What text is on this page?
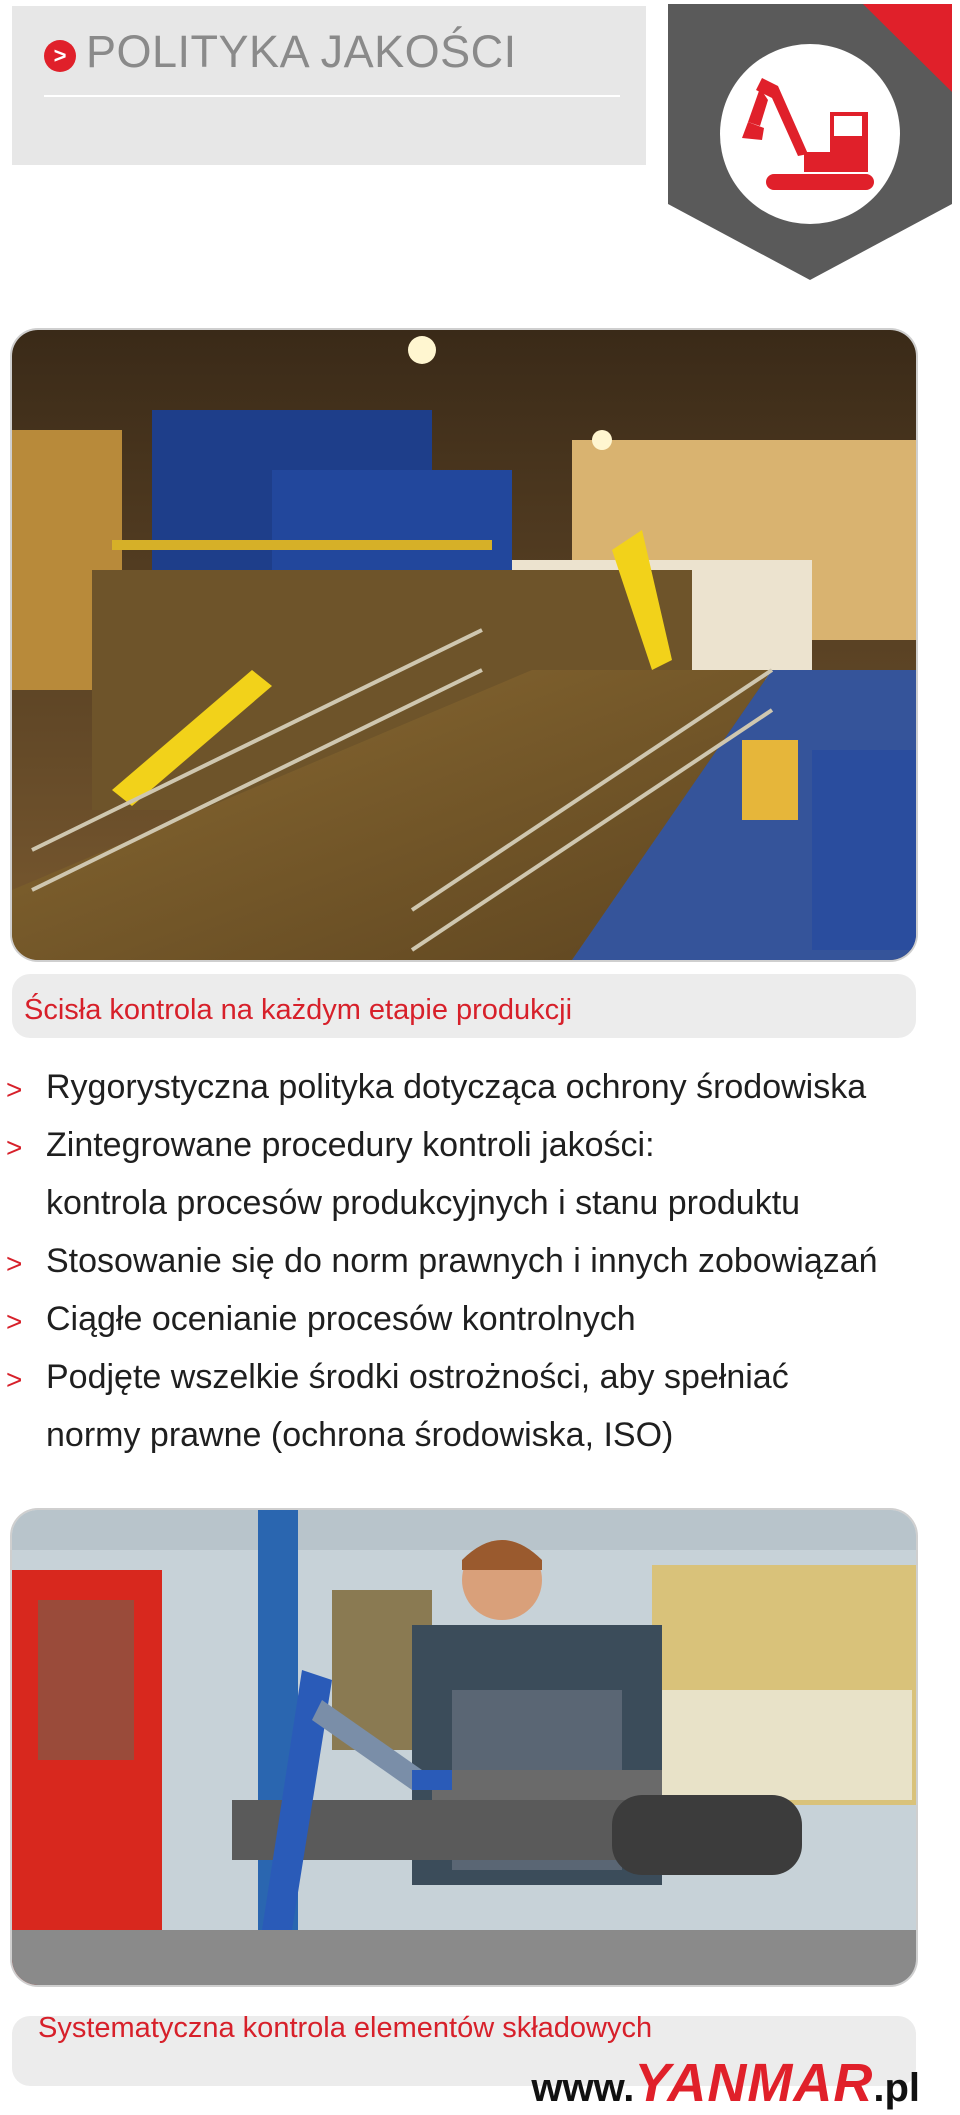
> POLITYKA JAKOŚCI
Ścisła kontrola na każdym etapie produkcji
> Rygorystyczna polityka dotycząca ochrony środowiska
> Zintegrowane procedury kontroli jakości:
kontrola procesów produkcyjnych i stanu produktu
> Stosowanie się do norm prawnych i innych zobowiązań
> Ciągłe ocenianie procesów kontrolnych
> Podjęte wszelkie środki ostrożności, aby spełniać
normy prawne (ochrona środowiska, ISO)
Systematyczna kontrola elementów składowych
www.YANMAR.pl
